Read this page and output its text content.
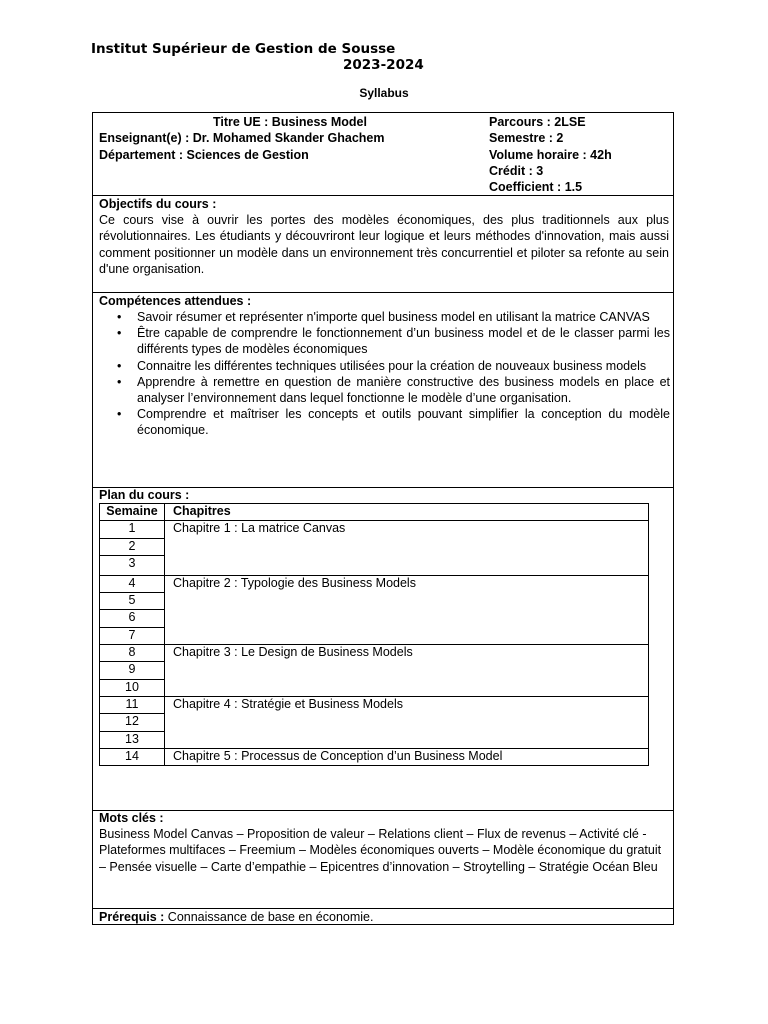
Institut Supérieur de Gestion de Sousse
2023-2024
Syllabus
Titre UE : Business Model
Enseignant(e) : Dr. Mohamed Skander Ghachem
Département : Sciences de Gestion
Parcours : 2LSE
Semestre : 2
Volume horaire : 42h
Crédit : 3
Coefficient : 1.5
Objectifs du cours :
Ce cours vise à ouvrir les portes des modèles économiques, des plus traditionnels aux plus révolutionnaires. Les étudiants y découvriront leur logique et leurs méthodes d'innovation, mais aussi comment positionner un modèle dans un environnement très concurrentiel et piloter sa refonte au sein d'une organisation.
Compétences attendues :
• Savoir résumer et représenter n'importe quel business model en utilisant la matrice CANVAS
• Être capable de comprendre le fonctionnement d’un business model et de le classer parmi les différents types de modèles économiques
• Connaitre les différentes techniques utilisées pour la création de nouveaux business models
• Apprendre à remettre en question de manière constructive des business models en place et analyser l’environnement dans lequel fonctionne le modèle d’une organisation.
• Comprendre et maîtriser les concepts et outils pouvant simplifier la conception du modèle économique.
Plan du cours :
Semaine	Chapitres
1	Chapitre 1 : La matrice Canvas
2	
3	
4	Chapitre 2 : Typologie des Business Models
5	
6	
7	
8	Chapitre 3 : Le Design de Business Models
9	
10	
11	Chapitre 4 : Stratégie et Business Models
12	
13	
14	Chapitre 5 : Processus de Conception d’un Business Model
Mots clés :
Business Model Canvas – Proposition de valeur – Relations client – Flux de revenus – Activité clé - Plateformes multifaces – Freemium – Modèles économiques ouverts – Modèle économique du gratuit – Pensée visuelle – Carte d’empathie – Epicentres d’innovation – Stroytelling – Stratégie Océan Bleu
Prérequis : Connaissance de base en économie.
